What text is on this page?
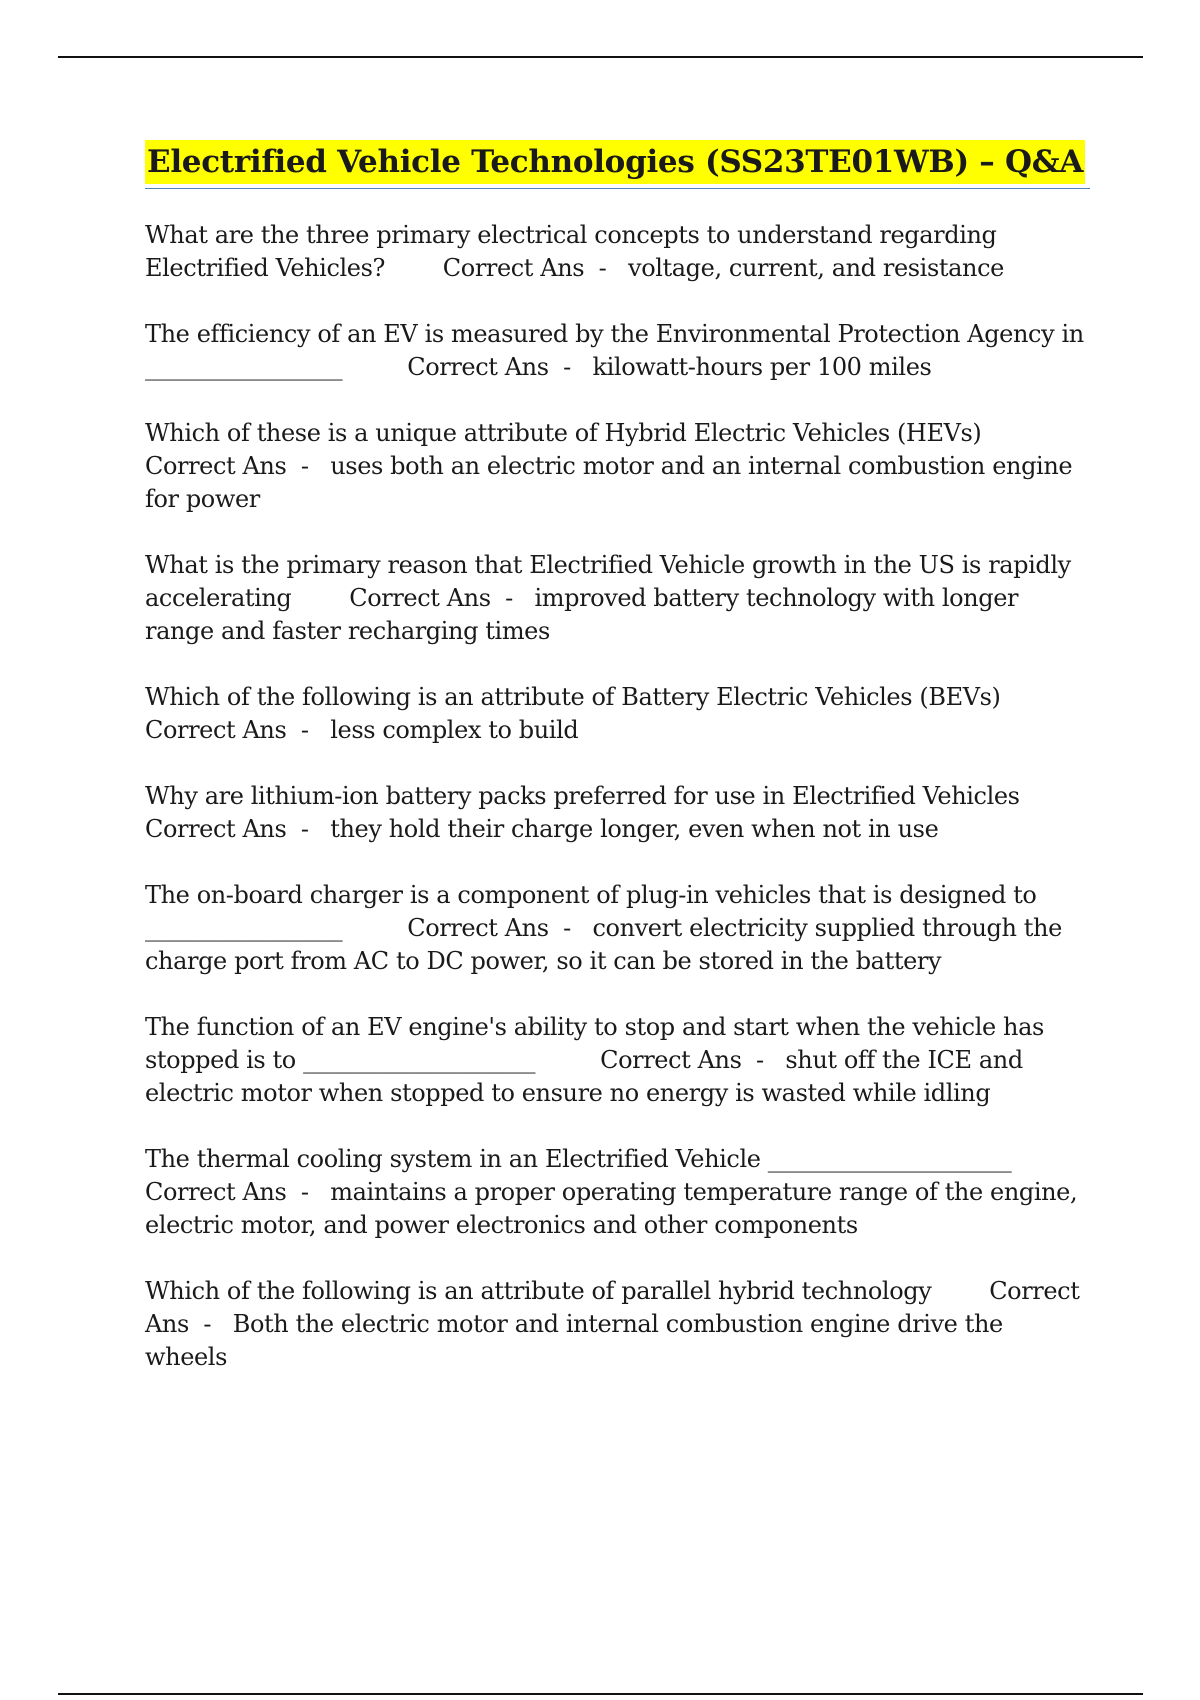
Electrified Vehicle Technologies (SS23TE01WB) – Q&A
What are the three primary electrical concepts to understand regarding Electrified Vehicles?        Correct Ans  -   voltage, current, and resistance
The efficiency of an EV is measured by the Environmental Protection Agency in _________________         Correct Ans  -   kilowatt-hours per 100 miles
Which of these is a unique attribute of Hybrid Electric Vehicles (HEVs)        Correct Ans  -   uses both an electric motor and an internal combustion engine for power
What is the primary reason that Electrified Vehicle growth in the US is rapidly accelerating        Correct Ans  -   improved battery technology with longer range and faster recharging times
Which of the following is an attribute of Battery Electric Vehicles (BEVs)        Correct Ans  -   less complex to build
Why are lithium-ion battery packs preferred for use in Electrified Vehicles        Correct Ans  -   they hold their charge longer, even when not in use
The on-board charger is a component of plug-in vehicles that is designed to _________________         Correct Ans  -   convert electricity supplied through the charge port from AC to DC power, so it can be stored in the battery
The function of an EV engine's ability to stop and start when the vehicle has stopped is to ____________________         Correct Ans  -   shut off the ICE and electric motor when stopped to ensure no energy is wasted while idling
The thermal cooling system in an Electrified Vehicle _____________________        Correct Ans  -   maintains a proper operating temperature range of the engine, electric motor, and power electronics and other components
Which of the following is an attribute of parallel hybrid technology        Correct Ans  -   Both the electric motor and internal combustion engine drive the wheels
